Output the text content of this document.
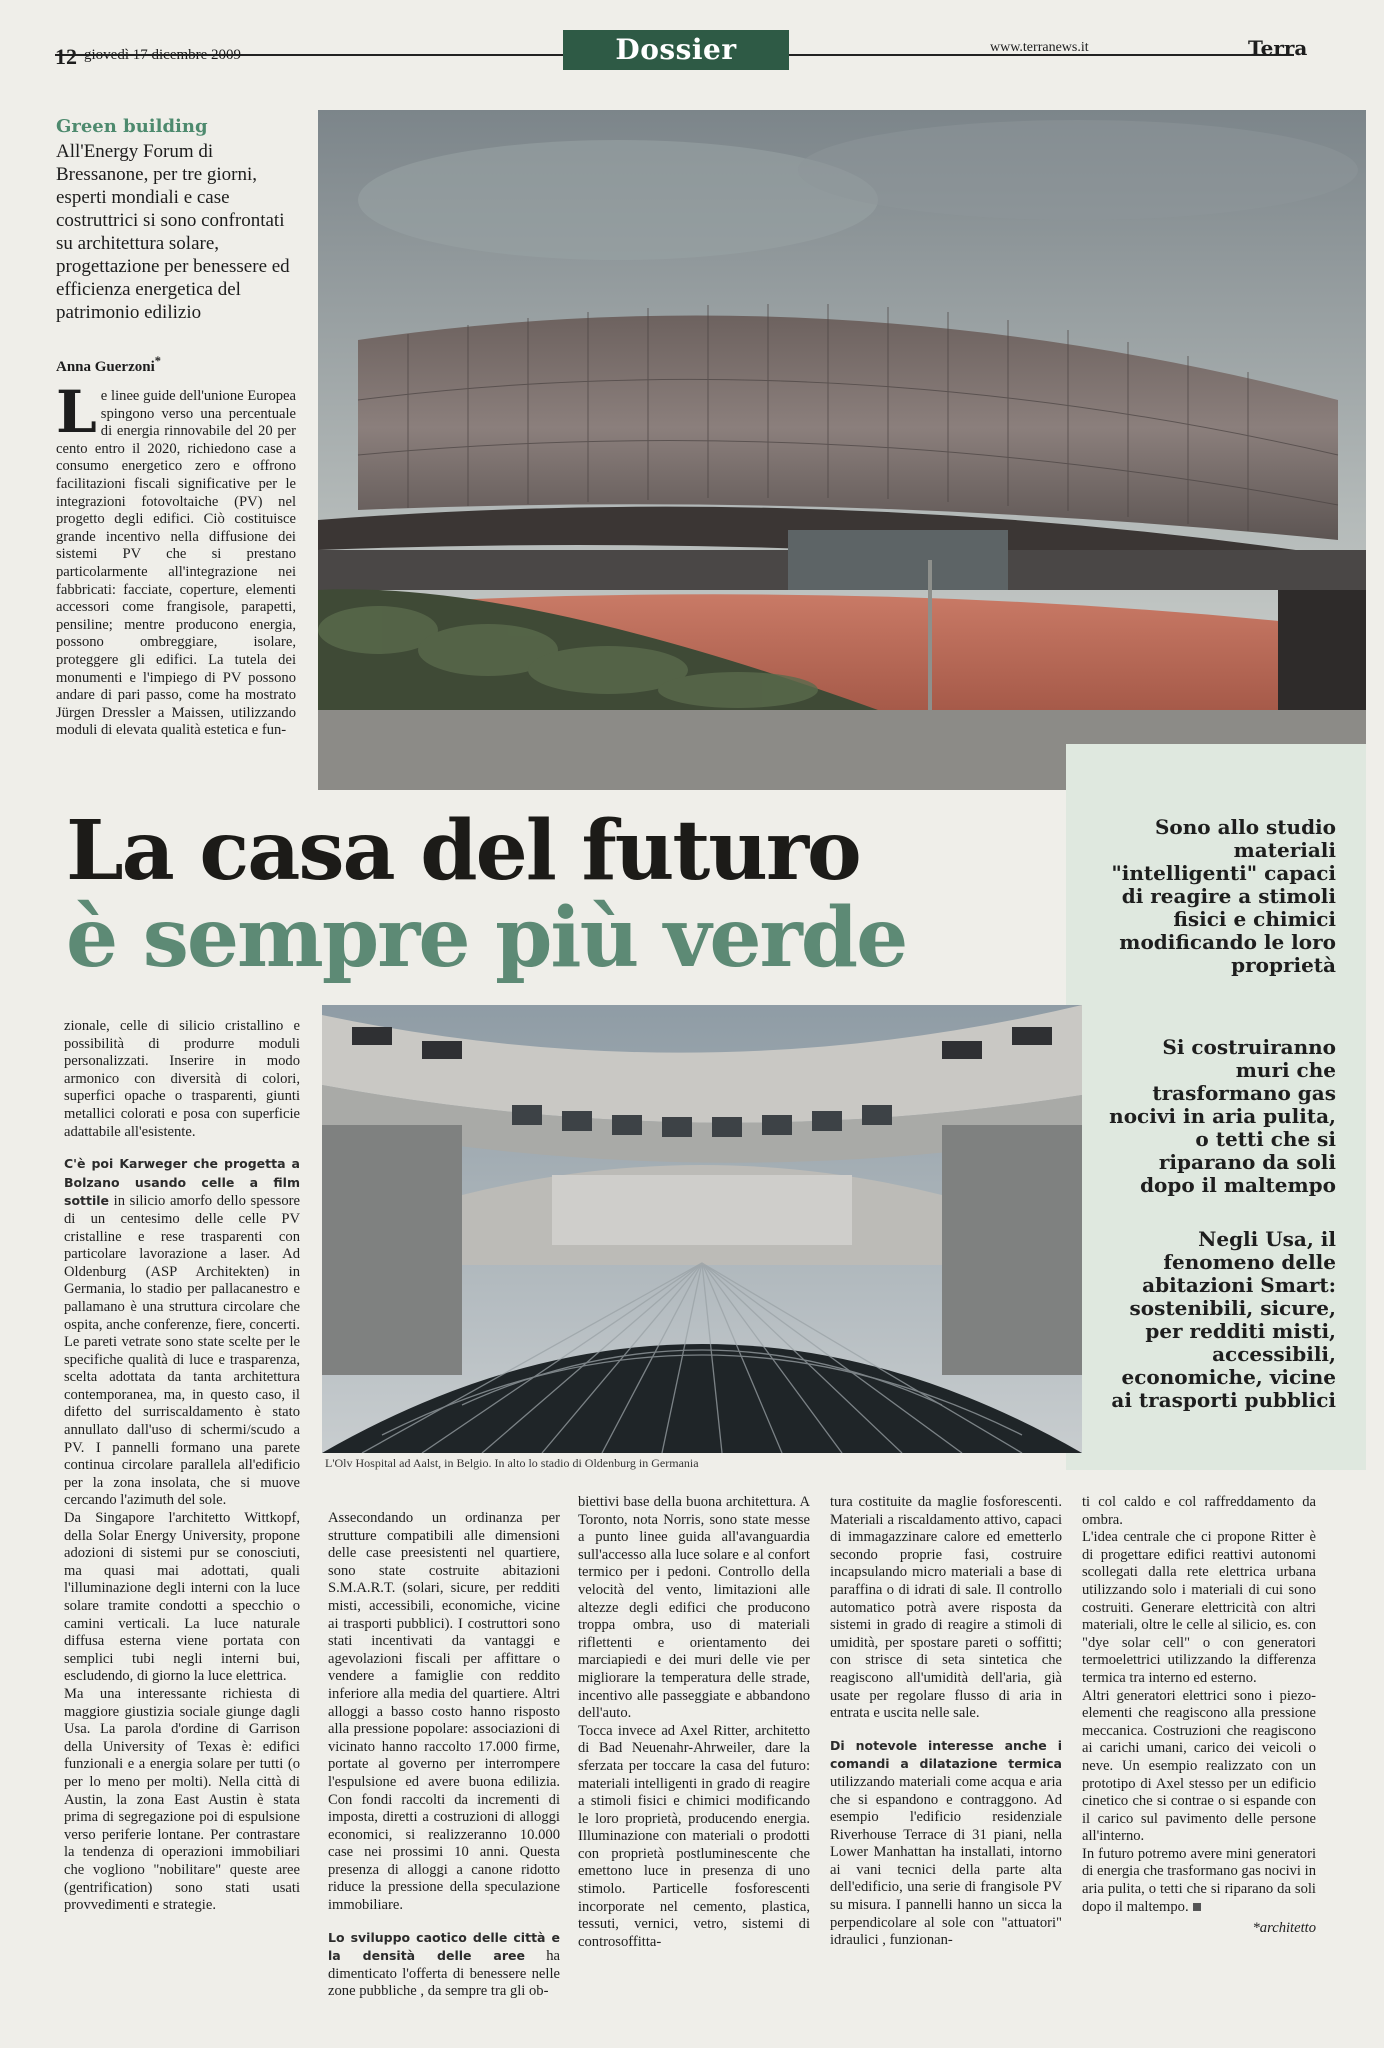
12 giovedì 17 dicembre 2009	Dossier	www.terranews.it	Terra
Green building
All'Energy Forum di Bressanone, per tre giorni, esperti mondiali e case costruttrici si sono confrontati su architettura solare, progettazione per benessere ed efficienza energetica del patrimonio edilizio
Anna Guerzoni*
Le linee guide dell'unione Europea spingono verso una percentuale di energia rinnovabile del 20 per cento entro il 2020, richiedono case a consumo energetico zero e offrono facilitazioni fiscali significative per le integrazioni fotovoltaiche (PV) nel progetto degli edifici. Ciò costituisce grande incentivo nella diffusione dei sistemi PV che si prestano particolarmente all'integrazione nei fabbricati: facciate, coperture, elementi accessori come frangisole, parapetti, pensiline; mentre producono energia, possono ombreggiare, isolare, proteggere gli edifici. La tutela dei monumenti e l'impiego di PV possono andare di pari passo, come ha mostrato Jürgen Dressler a Maissen, utilizzando moduli di elevata qualità estetica e fun-
La casa del futuro
è sempre più verde
Sono allo studio materiali "intelligenti" capaci di reagire a stimoli fisici e chimici modificando le loro proprietà
Si costruiranno muri che trasformano gas nocivi in aria pulita, o tetti che si riparano da soli dopo il maltempo
Negli Usa, il fenomeno delle abitazioni Smart: sostenibili, sicure, per redditi misti, accessibili, economiche, vicine ai trasporti pubblici

zionale, celle di silicio cristallino e possibilità di produrre moduli personalizzati. Inserire in modo armonico con diversità di colori, superfici opache o trasparenti, giunti metallici colorati e posa con superficie adattabile all'esistente.

C'è poi Karweger che progetta a Bolzano usando celle a film sottile in silicio amorfo dello spessore di un centesimo delle celle PV cristalline e rese trasparenti con particolare lavorazione a laser. Ad Oldenburg (ASP Architekten) in Germania, lo stadio per pallacanestro e pallamano è una struttura circolare che ospita, anche conferenze, fiere, concerti. Le pareti vetrate sono state scelte per le specifiche qualità di luce e trasparenza, scelta adottata da tanta architettura contemporanea, ma, in questo caso, il difetto del surriscaldamento è stato annullato dall'uso di schermi/scudo a PV. I pannelli formano una parete continua circolare parallela all'edificio per la zona insolata, che si muove cercando l'azimuth del sole.

Da Singapore l'architetto Wittkopf, della Solar Energy University, propone adozioni di sistemi pur se conosciuti, ma quasi mai adottati, quali l'illuminazione degli interni con la luce solare tramite condotti a specchio o camini verticali. La luce naturale diffusa esterna viene portata con semplici tubi negli interni bui, escludendo, di giorno la luce elettrica.

Ma una interessante richiesta di maggiore giustizia sociale giunge dagli Usa. La parola d'ordine di Garrison della University of Texas è: edifici funzionali e a energia solare per tutti (o per lo meno per molti). Nella città di Austin, la zona East Austin è stata prima di segregazione poi di espulsione verso periferie lontane. Per contrastare la tendenza di operazioni immobiliari che vogliono "nobilitare" queste aree (gentrification) sono stati usati provvedimenti e strategie.

L'Olv Hospital ad Aalst, in Belgio. In alto lo stadio di Oldenburg in Germania

Assecondando un ordinanza per strutture compatibili alle dimensioni delle case preesistenti nel quartiere, sono state costruite abitazioni S.M.A.R.T. (solari, sicure, per redditi misti, accessibili, economiche, vicine ai trasporti pubblici). I costruttori sono stati incentivati da vantaggi e agevolazioni fiscali per affittare o vendere a famiglie con reddito inferiore alla media del quartiere. Altri alloggi a basso costo hanno risposto alla pressione popolare: associazioni di vicinato hanno raccolto 17.000 firme, portate al governo per interrompere l'espulsione ed avere buona edilizia. Con fondi raccolti da incrementi di imposta, diretti a costruzioni di alloggi economici, si realizzeranno 10.000 case nei prossimi 10 anni. Questa presenza di alloggi a canone ridotto riduce la pressione della speculazione immobiliare.

Lo sviluppo caotico delle città e la densità delle aree ha dimenticato l'offerta di benessere nelle zone pubbliche , da sempre tra gli ob-

biettivi base della buona architettura. A Toronto, nota Norris, sono state messe a punto linee guida all'avanguardia sull'accesso alla luce solare e al confort termico per i pedoni. Controllo della velocità del vento, limitazioni alle altezze degli edifici che producono troppa ombra, uso di materiali riflettenti e orientamento dei marciapiedi e dei muri delle vie per migliorare la temperatura delle strade, incentivo alle passeggiate e abbandono dell'auto.

Tocca invece ad Axel Ritter, architetto di Bad Neuenahr-Ahrweiler, dare la sferzata per toccare la casa del futuro: materiali intelligenti in grado di reagire a stimoli fisici e chimici modificando le loro proprietà, producendo energia. Illuminazione con materiali o prodotti con proprietà postluminescente che emettono luce in presenza di uno stimolo. Particelle fosforescenti incorporate nel cemento, plastica, tessuti, vernici, vetro, sistemi di controsoffitta-

tura costituite da maglie fosforescenti. Materiali a riscaldamento attivo, capaci di immagazzinare calore ed emetterlo secondo proprie fasi, costruire incapsulando micro materiali a base di paraffina o di idrati di sale. Il controllo automatico potrà avere risposta da sistemi in grado di reagire a stimoli di umidità, per spostare pareti o soffitti; con strisce di seta sintetica che reagiscono all'umidità dell'aria, già usate per regolare flusso di aria in entrata e uscita nelle sale.

Di notevole interesse anche i comandi a dilatazione termica utilizzando materiali come acqua e aria che si espandono e contraggono. Ad esempio l'edificio residenziale Riverhouse Terrace di 31 piani, nella Lower Manhattan ha installati, intorno ai vani tecnici della parte alta dell'edificio, una serie di frangisole PV su misura. I pannelli hanno un sicca la perpendicolare al sole con "attuatori" idraulici , funzionan-

ti col caldo e col raffreddamento da ombra.

L'idea centrale che ci propone Ritter è di progettare edifici reattivi autonomi scollegati dalla rete elettrica urbana utilizzando solo i materiali di cui sono costruiti. Generare elettricità con altri materiali, oltre le celle al silicio, es. con "dye solar cell" o con generatori termoelettrici utilizzando la differenza termica tra interno ed esterno.

Altri generatori elettrici sono i piezo-elementi che reagiscono alla pressione meccanica. Costruzioni che reagiscono ai carichi umani, carico dei veicoli o neve. Un esempio realizzato con un prototipo di Axel stesso per un edificio cinetico che si contrae o si espande con il carico sul pavimento delle persone all'interno.

In futuro potremo avere mini generatori di energia che trasformano gas nocivi in aria pulita, o tetti che si riparano da soli dopo il maltempo.

*architetto
